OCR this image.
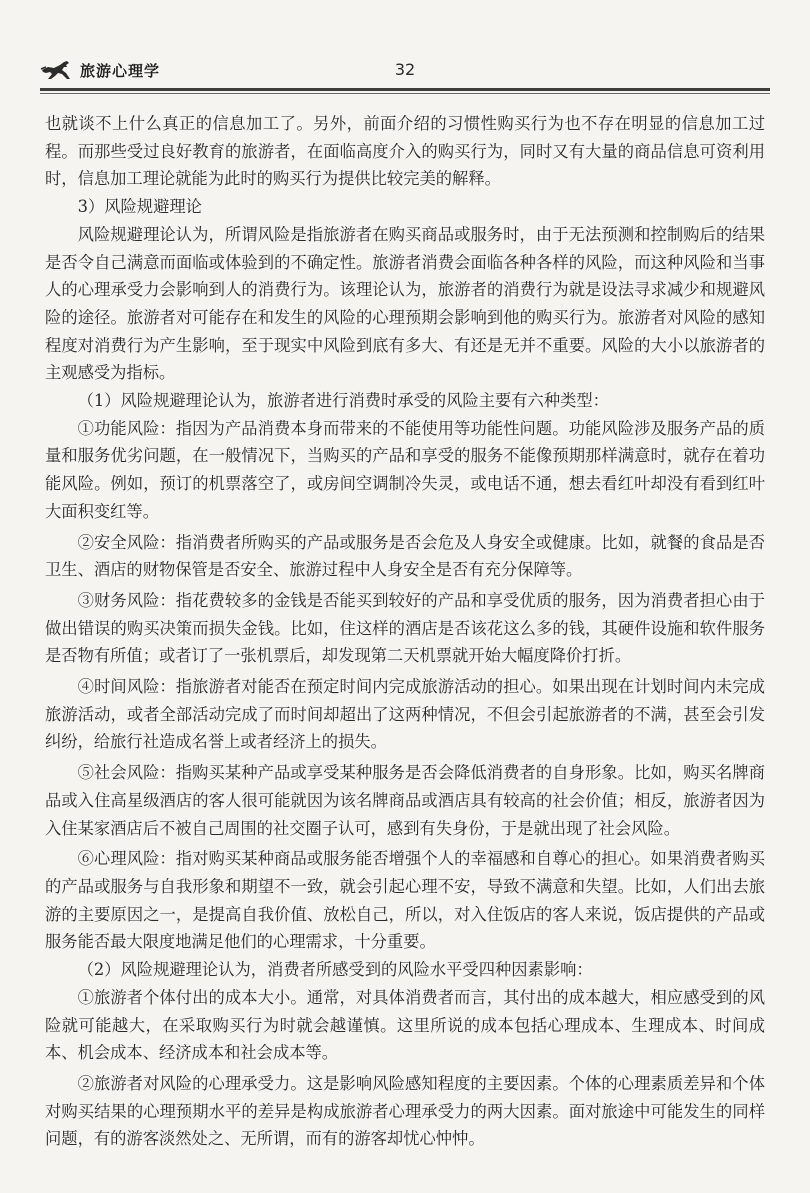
旅游心理学	32

也就谈不上什么真正的信息加工了。另外，前面介绍的习惯性购买行为也不存在明显的信息加工过程。而那些受过良好教育的旅游者，在面临高度介入的购买行为，同时又有大量的商品信息可资利用时，信息加工理论就能为此时的购买行为提供比较完美的解释。

3）风险规避理论

风险规避理论认为，所谓风险是指旅游者在购买商品或服务时，由于无法预测和控制购后的结果是否令自己满意而面临或体验到的不确定性。旅游者消费会面临各种各样的风险，而这种风险和当事人的心理承受力会影响到人的消费行为。该理论认为，旅游者的消费行为就是设法寻求减少和规避风险的途径。旅游者对可能存在和发生的风险的心理预期会影响到他的购买行为。旅游者对风险的感知程度对消费行为产生影响，至于现实中风险到底有多大、有还是无并不重要。风险的大小以旅游者的主观感受为指标。

（1）风险规避理论认为，旅游者进行消费时承受的风险主要有六种类型：

①功能风险：指因为产品消费本身而带来的不能使用等功能性问题。功能风险涉及服务产品的质量和服务优劣问题，在一般情况下，当购买的产品和享受的服务不能像预期那样满意时，就存在着功能风险。例如，预订的机票落空了，或房间空调制冷失灵，或电话不通，想去看红叶却没有看到红叶大面积变红等。

②安全风险：指消费者所购买的产品或服务是否会危及人身安全或健康。比如，就餐的食品是否卫生、酒店的财物保管是否安全、旅游过程中人身安全是否有充分保障等。

③财务风险：指花费较多的金钱是否能买到较好的产品和享受优质的服务，因为消费者担心由于做出错误的购买决策而损失金钱。比如，住这样的酒店是否该花这么多的钱，其硬件设施和软件服务是否物有所值；或者订了一张机票后，却发现第二天机票就开始大幅度降价打折。

④时间风险：指旅游者对能否在预定时间内完成旅游活动的担心。如果出现在计划时间内未完成旅游活动，或者全部活动完成了而时间却超出了这两种情况，不但会引起旅游者的不满，甚至会引发纠纷，给旅行社造成名誉上或者经济上的损失。

⑤社会风险：指购买某种产品或享受某种服务是否会降低消费者的自身形象。比如，购买名牌商品或入住高星级酒店的客人很可能就因为该名牌商品或酒店具有较高的社会价值；相反，旅游者因为入住某家酒店后不被自己周围的社交圈子认可，感到有失身份，于是就出现了社会风险。

⑥心理风险：指对购买某种商品或服务能否增强个人的幸福感和自尊心的担心。如果消费者购买的产品或服务与自我形象和期望不一致，就会引起心理不安，导致不满意和失望。比如，人们出去旅游的主要原因之一，是提高自我价值、放松自己，所以，对入住饭店的客人来说，饭店提供的产品或服务能否最大限度地满足他们的心理需求，十分重要。

（2）风险规避理论认为，消费者所感受到的风险水平受四种因素影响：

①旅游者个体付出的成本大小。通常，对具体消费者而言，其付出的成本越大，相应感受到的风险就可能越大，在采取购买行为时就会越谨慎。这里所说的成本包括心理成本、生理成本、时间成本、机会成本、经济成本和社会成本等。

②旅游者对风险的心理承受力。这是影响风险感知程度的主要因素。个体的心理素质差异和个体对购买结果的心理预期水平的差异是构成旅游者心理承受力的两大因素。面对旅途中可能发生的同样问题，有的游客淡然处之、无所谓，而有的游客却忧心忡忡。
